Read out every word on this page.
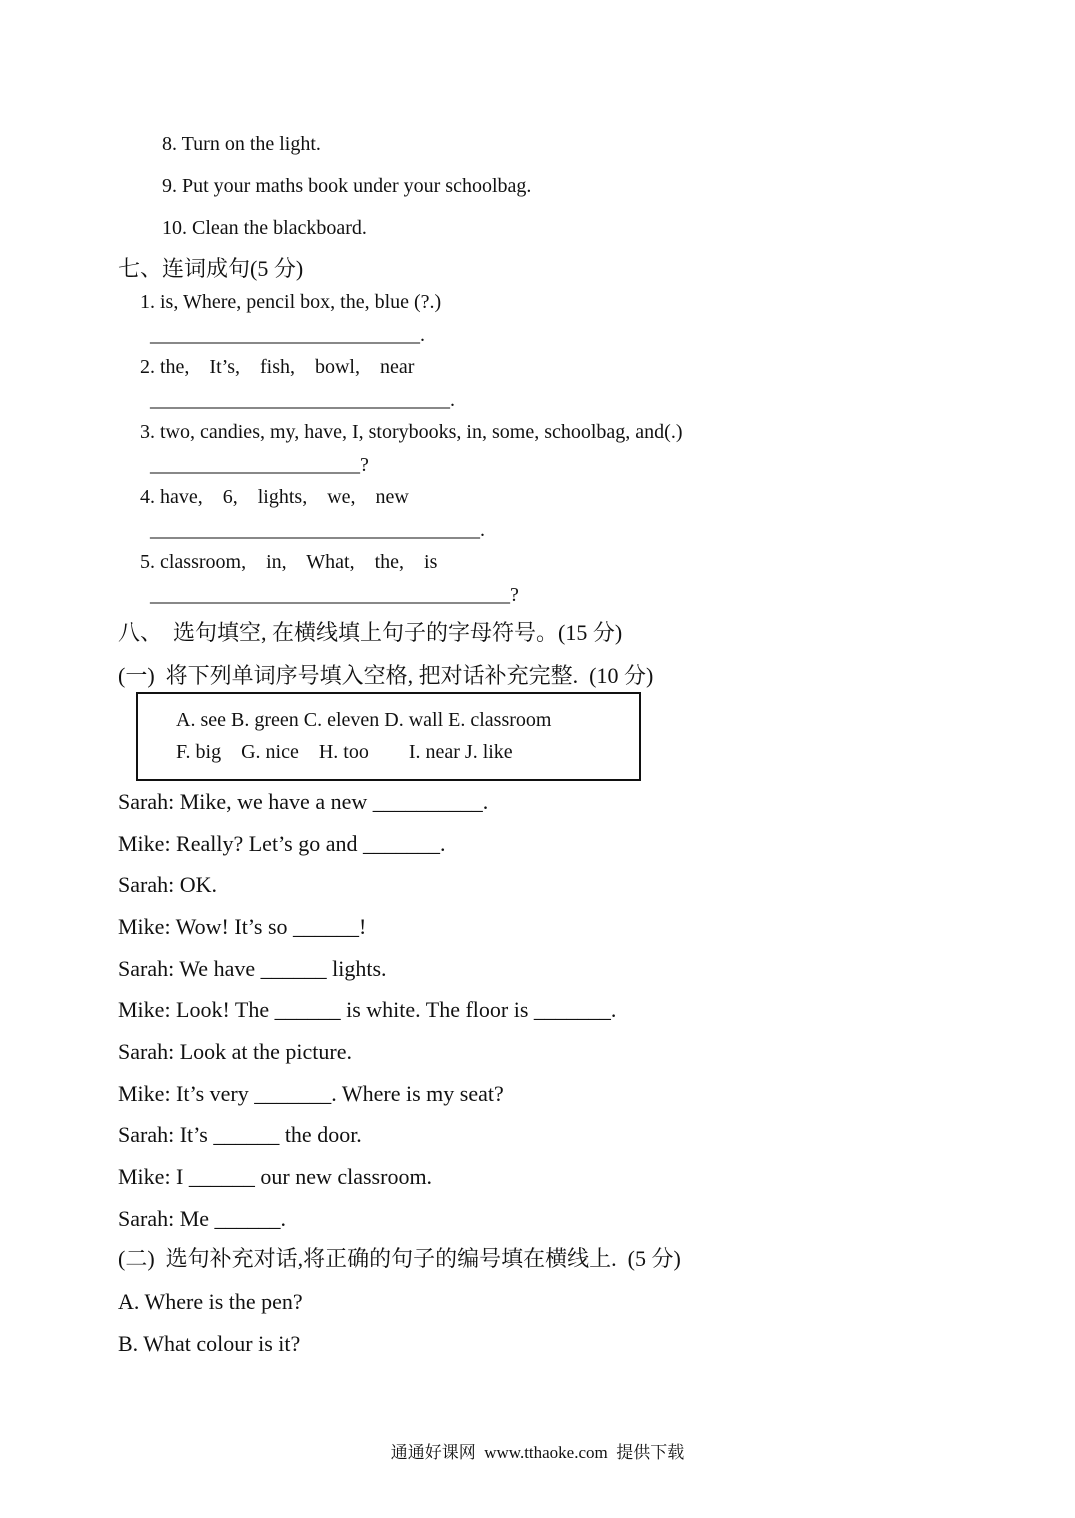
8. Turn on the light.
9. Put your maths book under your schoolbag.
10. Clean the blackboard.
七、连词成句(5 分)
1. is, Where, pencil box, the, blue (?.)
___________________________.
2. the,    It’s,    fish,    bowl,    near
______________________________.
3. two, candies, my, have, I, storybooks, in, some, schoolbag, and(.)
_____________________?
4. have,    6,    lights,    we,    new
_________________________________.
5. classroom,    in,    What,    the,    is
____________________________________?
八、  选句填空, 在横线填上句子的字母符号。(15 分)
(一)  将下列单词序号填入空格, 把对话补充完整.  (10 分)
A. see B. green C. eleven D. wall E. classroom
F. big    G. nice    H. too        I. near J. like
Sarah: Mike, we have a new __________.
Mike: Really? Let’s go and _______.
Sarah: OK.
Mike: Wow! It’s so ______!
Sarah: We have ______ lights.
Mike: Look! The ______ is white. The floor is _______.
Sarah: Look at the picture.
Mike: It’s very _______. Where is my seat?
Sarah: It’s ______ the door.
Mike: I ______ our new classroom.
Sarah: Me ______.
(二)  选句补充对话,将正确的句子的编号填在横线上.  (5 分)
A. Where is the pen?
B. What colour is it?
通通好课网  www.tthaoke.com  提供下载
